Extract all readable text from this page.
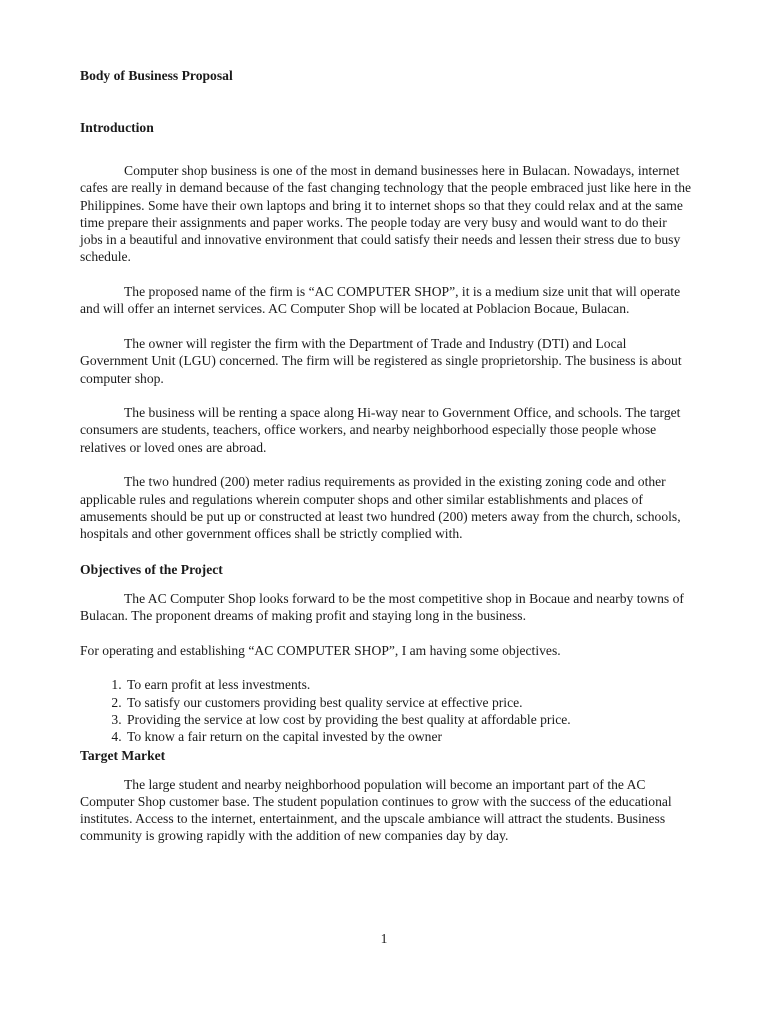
Body of Business Proposal
Introduction

Computer shop business is one of the most in demand businesses here in Bulacan. Nowadays, internet cafes are really in demand because of the fast changing technology that the people embraced just like here in the Philippines. Some have their own laptops and bring it to internet shops so that they could relax and at the same time prepare their assignments and paper works. The people today are very busy and would want to do their jobs in a beautiful and innovative environment that could satisfy their needs and lessen their stress due to busy schedule.

The proposed name of the firm is “AC COMPUTER SHOP”, it is a medium size unit that will operate and will offer an internet services. AC Computer Shop will be located at Poblacion Bocaue, Bulacan.

The owner will register the firm with the Department of Trade and Industry (DTI) and Local Government Unit (LGU) concerned. The firm will be registered as single proprietorship. The business is about computer shop.

The business will be renting a space along Hi-way near to Government Office, and schools. The target consumers are students, teachers, office workers, and nearby neighborhood especially those people whose relatives or loved ones are abroad.

The two hundred (200) meter radius requirements as provided in the existing zoning code and other applicable rules and regulations wherein computer shops and other similar establishments and places of amusements should be put up or constructed at least two hundred (200) meters away from the church, schools, hospitals and other government offices shall be strictly complied with.

Objectives of the Project

The AC Computer Shop looks forward to be the most competitive shop in Bocaue and nearby towns of Bulacan. The proponent dreams of making profit and staying long in the business.

For operating and establishing “AC COMPUTER SHOP”, I am having some objectives.

1. To earn profit at less investments.
2. To satisfy our customers providing best quality service at effective price.
3. Providing the service at low cost by providing the best quality at affordable price.
4. To know a fair return on the capital invested by the owner
Target Market

The large student and nearby neighborhood population will become an important part of the AC Computer Shop customer base. The student population continues to grow with the success of the educational institutes. Access to the internet, entertainment, and the upscale ambiance will attract the students. Business community is growing rapidly with the addition of new companies day by day.

1
